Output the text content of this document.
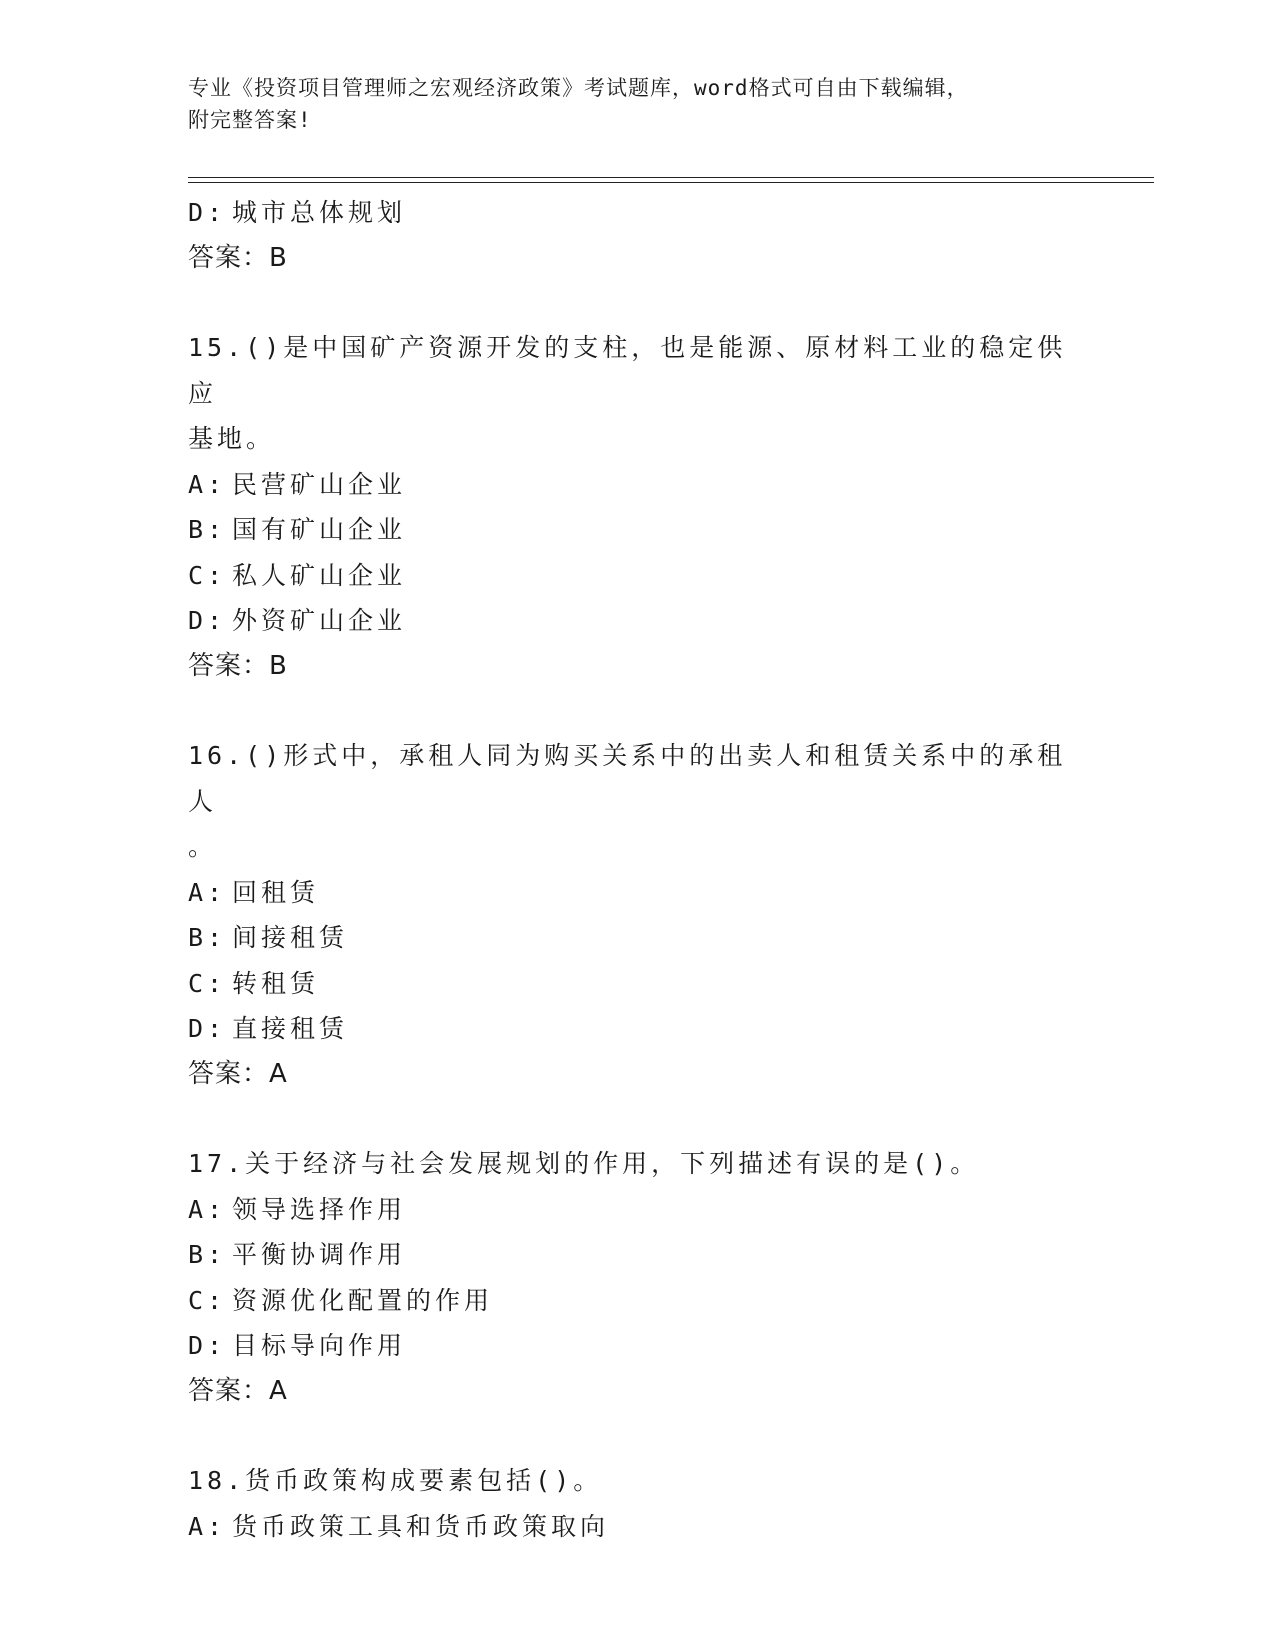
专业《投资项目管理师之宏观经济政策》考试题库，word格式可自由下载编辑，
附完整答案!
D: 城市总体规划
答案：B
15.()是中国矿产资源开发的支柱，也是能源、原材料工业的稳定供应
基地。
A: 民营矿山企业
B: 国有矿山企业
C: 私人矿山企业
D: 外资矿山企业
答案：B
16.()形式中，承租人同为购买关系中的出卖人和租赁关系中的承租人
。
A: 回租赁
B: 间接租赁
C: 转租赁
D: 直接租赁
答案：A
17.关于经济与社会发展规划的作用，下列描述有误的是()。
A: 领导选择作用
B: 平衡协调作用
C: 资源优化配置的作用
D: 目标导向作用
答案：A
18.货币政策构成要素包括()。
A: 货币政策工具和货币政策取向
